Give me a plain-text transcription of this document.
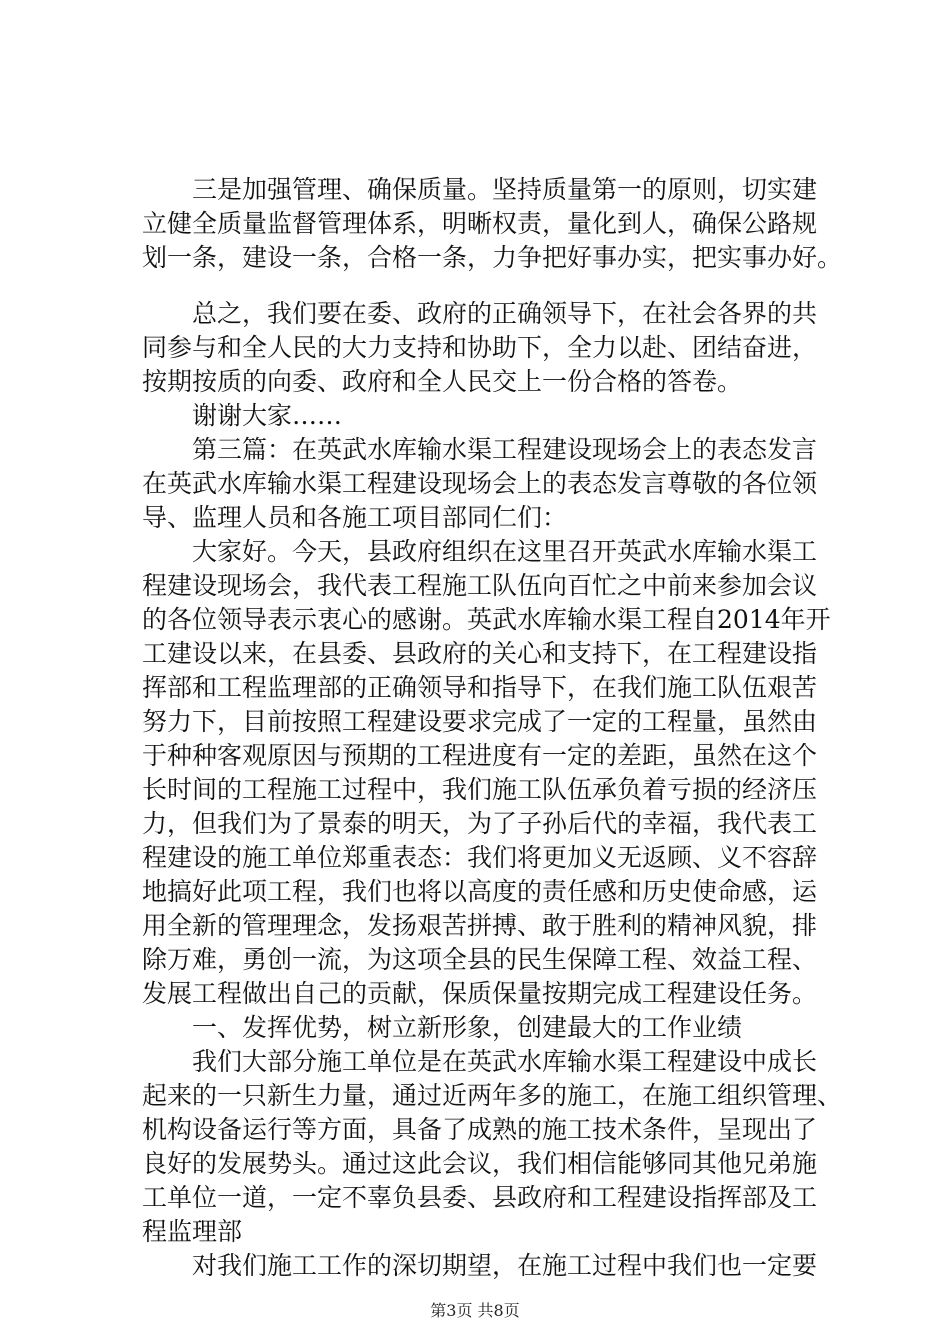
　　三是加强管理、确保质量。坚持质量第一的原则，切实建
立健全质量监督管理体系，明晰权责，量化到人，确保公路规
划一条，建设一条，合格一条，力争把好事办实，把实事办好。
　　总之，我们要在委、政府的正确领导下，在社会各界的共
同参与和全人民的大力支持和协助下，全力以赴、团结奋进，
按期按质的向委、政府和全人民交上一份合格的答卷。
　　谢谢大家……
　　第三篇：在英武水库输水渠工程建设现场会上的表态发言
在英武水库输水渠工程建设现场会上的表态发言尊敬的各位领
导、监理人员和各施工项目部同仁们：
　　大家好。今天，县政府组织在这里召开英武水库输水渠工
程建设现场会，我代表工程施工队伍向百忙之中前来参加会议
的各位领导表示衷心的感谢。英武水库输水渠工程自2014年开
工建设以来，在县委、县政府的关心和支持下，在工程建设指
挥部和工程监理部的正确领导和指导下，在我们施工队伍艰苦
努力下，目前按照工程建设要求完成了一定的工程量，虽然由
于种种客观原因与预期的工程进度有一定的差距，虽然在这个
长时间的工程施工过程中，我们施工队伍承负着亏损的经济压
力，但我们为了景泰的明天，为了子孙后代的幸福，我代表工
程建设的施工单位郑重表态：我们将更加义无返顾、义不容辞
地搞好此项工程，我们也将以高度的责任感和历史使命感，运
用全新的管理理念，发扬艰苦拼搏、敢于胜利的精神风貌，排
除万难，勇创一流，为这项全县的民生保障工程、效益工程、
发展工程做出自己的贡献，保质保量按期完成工程建设任务。
　　一、发挥优势，树立新形象，创建最大的工作业绩
　　我们大部分施工单位是在英武水库输水渠工程建设中成长
起来的一只新生力量，通过近两年多的施工，在施工组织管理、
机构设备运行等方面，具备了成熟的施工技术条件，呈现出了
良好的发展势头。通过这此会议，我们相信能够同其他兄弟施
工单位一道，一定不辜负县委、县政府和工程建设指挥部及工
程监理部
　　对我们施工工作的深切期望，在施工过程中我们也一定要
第3页 共8页
